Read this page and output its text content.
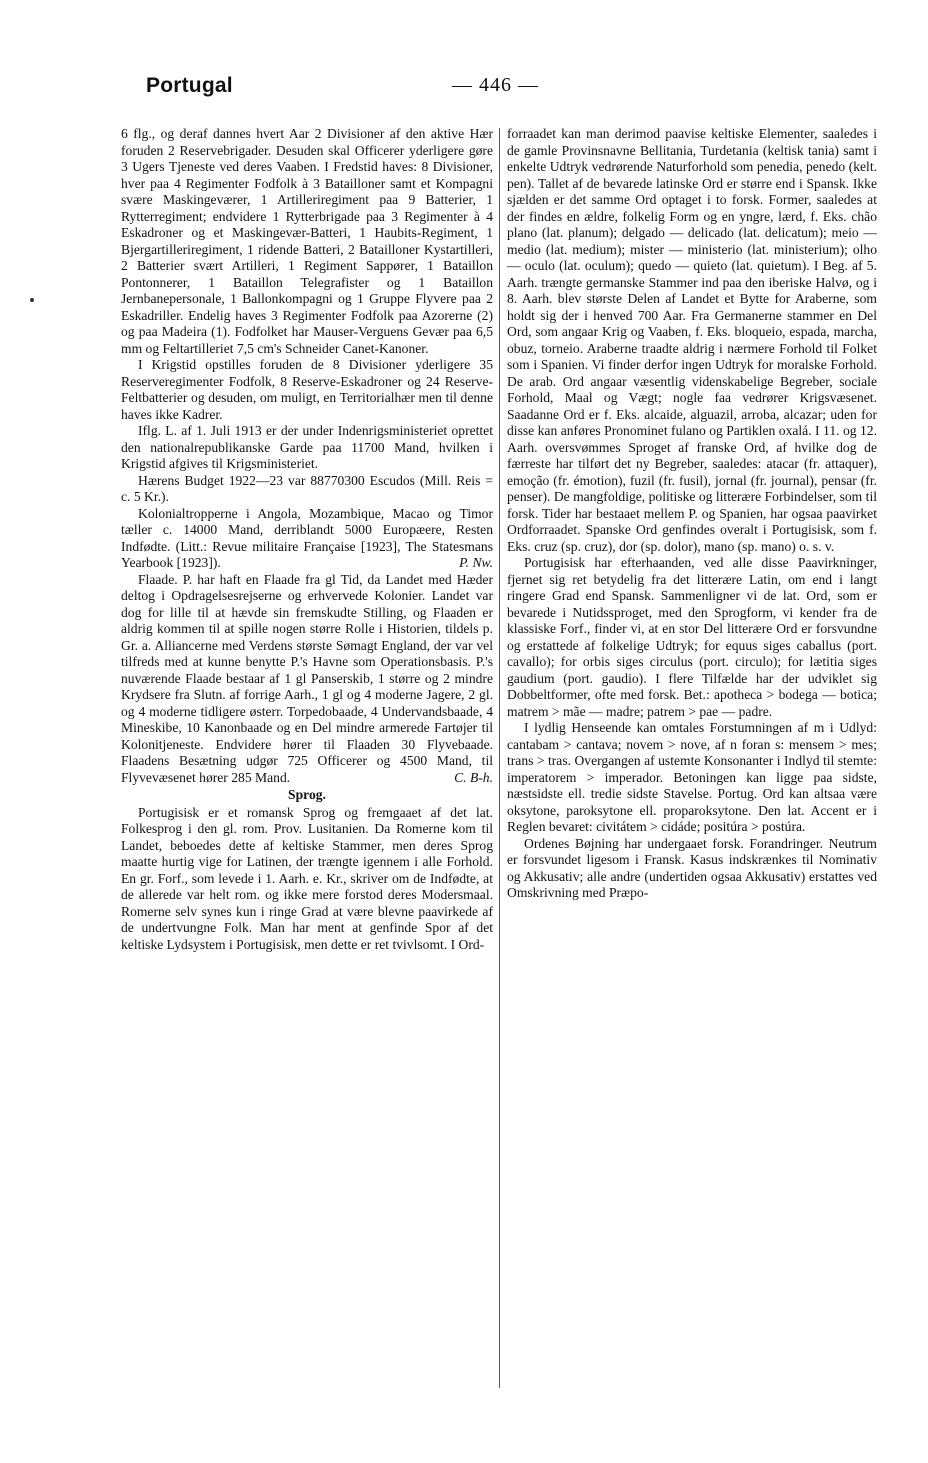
Portugal	— 446 —

6 flg., og deraf dannes hvert Aar 2 Divisioner af den aktive Hær foruden 2 Reservebrigader. Desuden skal Officerer yderligere gøre 3 Ugers Tjeneste ved deres Vaaben. I Fredstid haves: 8 Divisioner, hver paa 4 Regimenter Fodfolk à 3 Batailloner samt et Kompagni svære Maskingeværer, 1 Artilleriregiment paa 9 Batterier, 1 Rytterregiment; endvidere 1 Rytterbrigade paa 3 Regimenter à 4 Eskadroner og et Maskingevær-Batteri, 1 Haubits-Regiment, 1 Bjergartilleriregiment, 1 ridende Batteri, 2 Batailloner Kystartilleri, 2 Batterier svært Artilleri, 1 Regiment Sappører, 1 Bataillon Pontonnerer, 1 Bataillon Telegrafister og 1 Bataillon Jernbanepersonale, 1 Ballonkompagni og 1 Gruppe Flyvere paa 2 Eskadriller. Endelig haves 3 Regimenter Fodfolk paa Azorerne (2) og paa Madeira (1). Fodfolket har Mauser-Verguens Gevær paa 6,5 mm og Feltartilleriet 7,5 cm's Schneider Canet-Kanoner.

I Krigstid opstilles foruden de 8 Divisioner yderligere 35 Reserveregimenter Fodfolk, 8 Reserve-Eskadroner og 24 Reserve-Feltbatterier og desuden, om muligt, en Territorialhær men til denne haves ikke Kadrer.

Iflg. L. af 1. Juli 1913 er der under Indenrigsministeriet oprettet den nationalrepublikanske Garde paa 11700 Mand, hvilken i Krigstid afgives til Krigsministeriet.

Hærens Budget 1922—23 var 88770300 Escudos (Mill. Reis = c. 5 Kr.).

Kolonialtropperne i Angola, Mozambique, Macao og Timor tæller c. 14000 Mand, derriblandt 5000 Europæere, Resten Indfødte. (Litt.: Revue militaire Française [1923], The Statesmans Yearbook [1923]).	P. Nw.

Flaade. P. har haft en Flaade fra gl Tid, da Landet med Hæder deltog i Opdragelsesrejserne og erhvervede Kolonier. Landet var dog for lille til at hævde sin fremskudte Stilling, og Flaaden er aldrig kommen til at spille nogen større Rolle i Historien, tildels p. Gr. a. Alliancerne med Verdens største Sømagt England, der var vel tilfreds med at kunne benytte P.'s Havne som Operationsbasis. P.'s nuværende Flaade bestaar af 1 gl Panserskib, 1 større og 2 mindre Krydsere fra Slutn. af forrige Aarh., 1 gl og 4 moderne Jagere, 2 gl. og 4 moderne tidligere østerr. Torpedobaade, 4 Undervandsbaade, 4 Mineskibe, 10 Kanonbaade og en Del mindre armerede Fartøjer til Kolonitjeneste. Endvidere hører til Flaaden 30 Flyvebaade. Flaadens Besætning udgør 725 Officerer og 4500 Mand, til Flyvevæsenet hører 285 Mand.	C. B-h.

Sprog.

Portugisisk er et romansk Sprog og fremgaaet af det lat. Folkesprog i den gl. rom. Prov. Lusitanien. Da Romerne kom til Landet, beboedes dette af keltiske Stammer, men deres Sprog maatte hurtig vige for Latinen, der trængte igennem i alle Forhold. En gr. Forf., som levede i 1. Aarh. e. Kr., skriver om de Indfødte, at de allerede var helt rom. og ikke mere forstod deres Modersmaal. Romerne selv synes kun i ringe Grad at være blevne paavirkede af de undertvungne Folk. Man har ment at genfinde Spor af det keltiske Lydsystem i Portugisisk, men dette er ret tvivlsomt. I Ord-

forraadet kan man derimod paavise keltiske Elementer, saaledes i de gamle Provinsnavne Bellitania, Turdetania (keltisk tania) samt i enkelte Udtryk vedrørende Naturforhold som penedia, penedo (kelt. pen). Tallet af de bevarede latinske Ord er større end i Spansk. Ikke sjælden er det samme Ord optaget i to forsk. Former, saaledes at der findes en ældre, folkelig Form og en yngre, lærd, f. Eks. chão plano (lat. planum); delgado — delicado (lat. delicatum); meio — medio (lat. medium); mister — ministerio (lat. ministerium); olho — oculo (lat. oculum); quedo — quieto (lat. quietum). I Beg. af 5. Aarh. trængte germanske Stammer ind paa den iberiske Halvø, og i 8. Aarh. blev største Delen af Landet et Bytte for Araberne, som holdt sig der i henved 700 Aar. Fra Germanerne stammer en Del Ord, som angaar Krig og Vaaben, f. Eks. bloqueio, espada, marcha, obuz, torneio. Araberne traadte aldrig i nærmere Forhold til Folket som i Spanien. Vi finder derfor ingen Udtryk for moralske Forhold. De arab. Ord angaar væsentlig videnskabelige Begreber, sociale Forhold, Maal og Vægt; nogle faa vedrører Krigsvæsenet. Saadanne Ord er f. Eks. alcaide, alguazil, arroba, alcazar; uden for disse kan anføres Pronominet fulano og Partiklen oxalá. I 11. og 12. Aarh. oversvømmes Sproget af franske Ord, af hvilke dog de færreste har tilført det ny Begreber, saaledes: atacar (fr. attaquer), emoção (fr. émotion), fuzil (fr. fusil), jornal (fr. journal), pensar (fr. penser). De mangfoldige, politiske og litterære Forbindelser, som til forsk. Tider har bestaaet mellem P. og Spanien, har ogsaa paavirket Ordforraadet. Spanske Ord genfindes overalt i Portugisisk, som f. Eks. cruz (sp. cruz), dor (sp. dolor), mano (sp. mano) o. s. v.

Portugisisk har efterhaanden, ved alle disse Paavirkninger, fjernet sig ret betydelig fra det litterære Latin, om end i langt ringere Grad end Spansk. Sammenligner vi de lat. Ord, som er bevarede i Nutidssproget, med den Sprogform, vi kender fra de klassiske Forf., finder vi, at en stor Del litterære Ord er forsvundne og erstattede af folkelige Udtryk; for equus siges caballus (port. cavallo); for orbis siges circulus (port. circulo); for lætitia siges gaudium (port. gaudio). I flere Tilfælde har der udviklet sig Dobbeltformer, ofte med forsk. Bet.: apotheca > bodega — botica; matrem > mãe — madre; patrem > pae — padre.

I lydlig Henseende kan omtales Forstumningen af m i Udlyd: cantabam > cantava; novem > nove, af n foran s: mensem > mes; trans > tras. Overgangen af ustemte Konsonanter i Indlyd til stemte: imperatorem > imperador. Betoningen kan ligge paa sidste, næstsidste ell. tredie sidste Stavelse. Portug. Ord kan altsaa være oksytone, paroksytone ell. proparoksytone. Den lat. Accent er i Reglen bevaret: civitátem > cidáde; positúra > postúra.

Ordenes Bøjning har undergaaet forsk. Forandringer. Neutrum er forsvundet ligesom i Fransk. Kasus indskrænkes til Nominativ og Akkusativ; alle andre (undertiden ogsaa Akkusativ) erstattes ved Omskrivning med Præpo-
